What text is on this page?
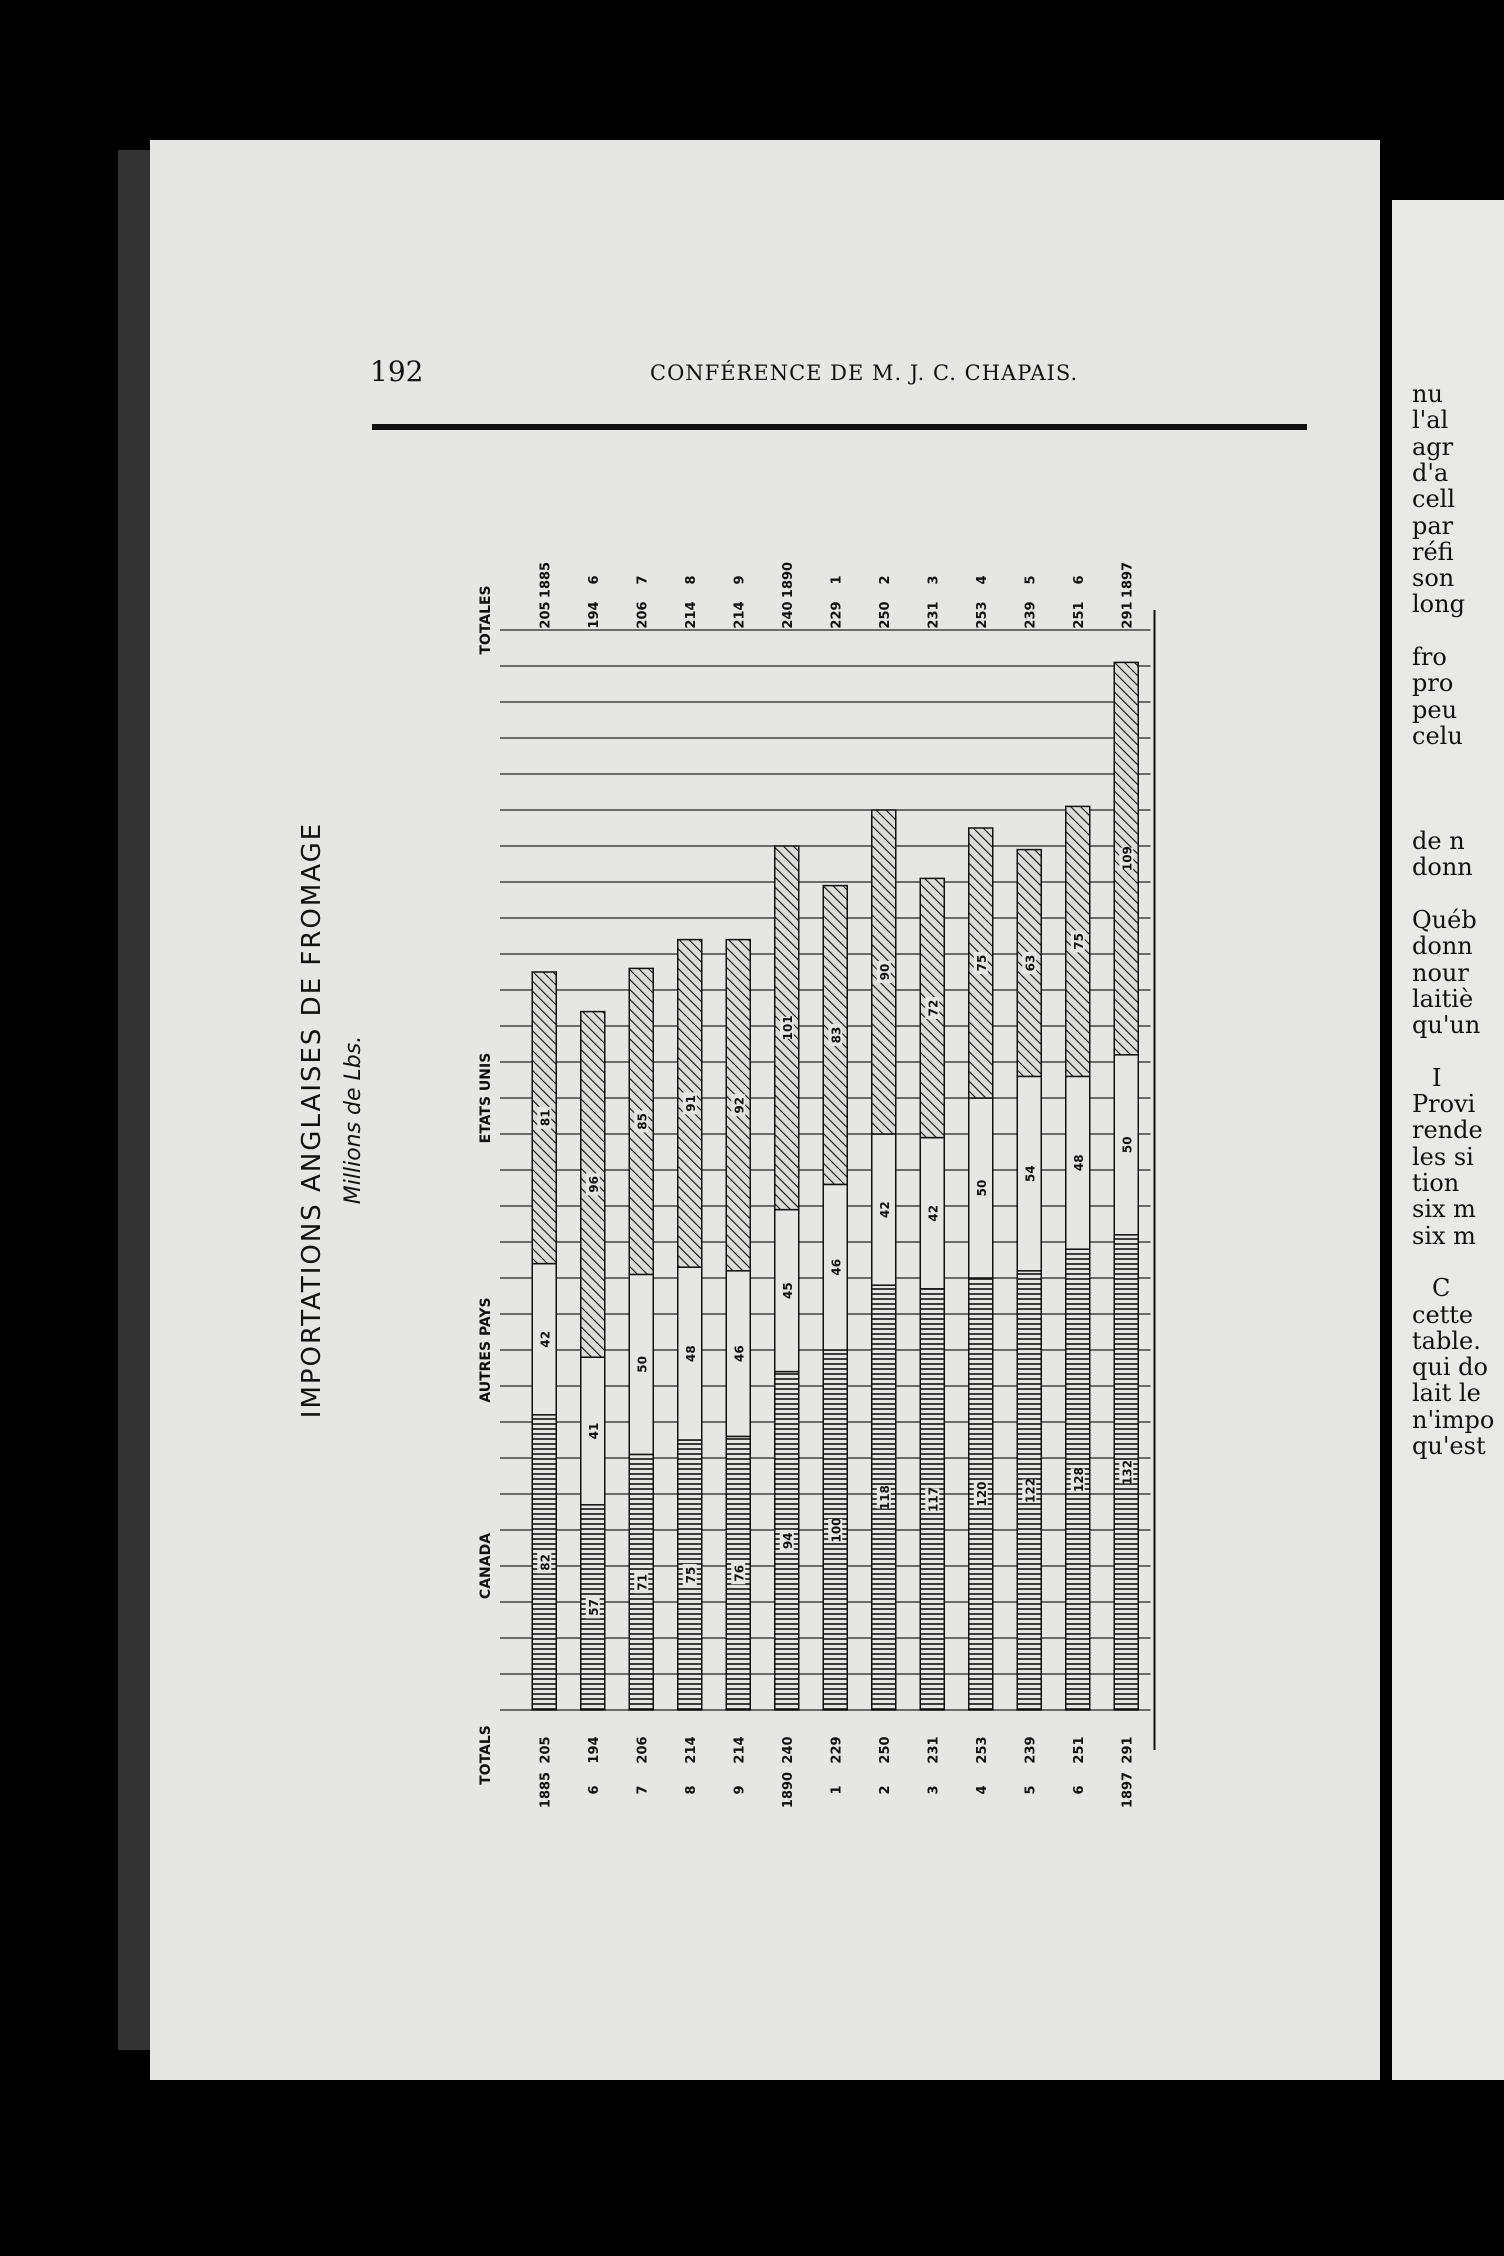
nu
l'al
agr
d'a
cell
par
réfi
son
long
fro
pro
peu
celu
de n
donn
Québ
donn
nour
laitiè
qu'un
I
Provi
rende
les si
tion
six m
six m
C
cette
table.
qui do
lait le
n'impo
qu'est
192	CONFÉRENCE DE M. J. C. CHAPAIS.
IMPORTATIONS ANGLAISES DE FROMAGE Millions de Lbs.
CANADA
AUTRES PAYS
ETATS UNIS
TOTALES
TOTALS
82
42
81
1885
1885
205
205
57
41
96
6
6
194
194
71
50
85
7
7
206
206
75
48
91
8
8
214
214
76
46
92
9
9
214
214
94
45
101
1890
1890
240
240
100
46
83
1
1
229
229
118
42
90
2
2
250
250
117
42
72
3
3
231
231
120
50
75
4
4
253
253
122
54
63
5
5
239
239
128
48
75
6
6
251
251
132
50
109
1897
1897
291
291
